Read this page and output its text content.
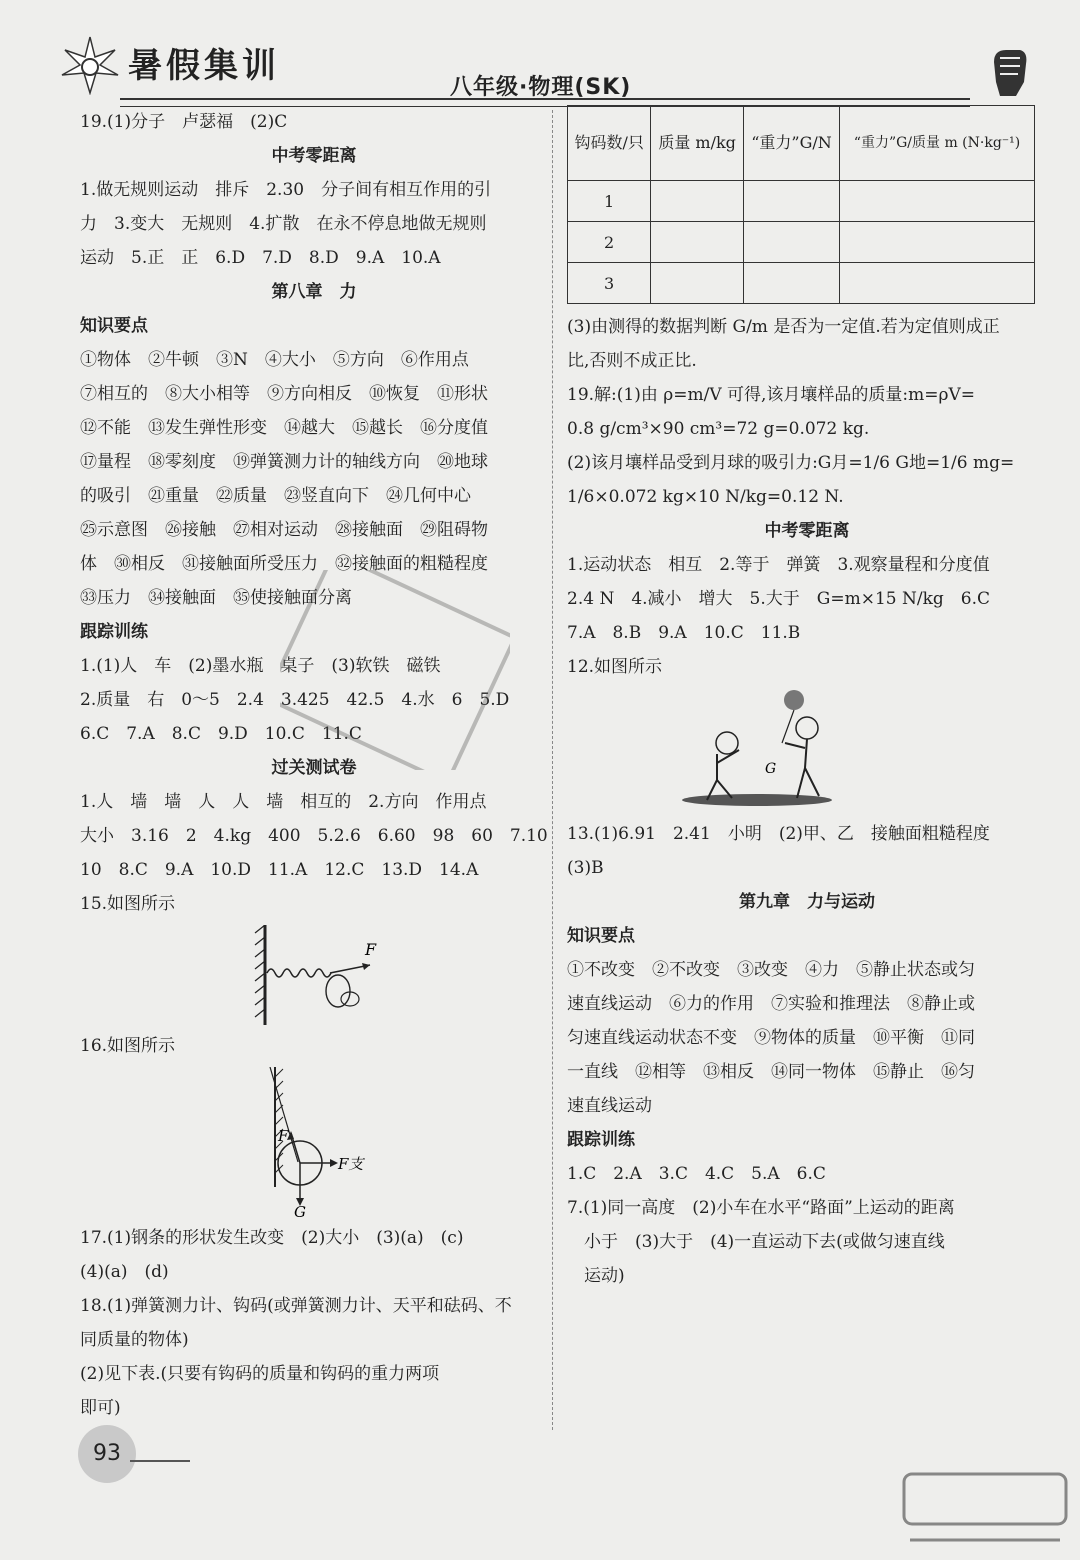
暑假集训
八年级·物理(SK)
19.(1)分子　卢瑟福　(2)C
中考零距离
1.做无规则运动　排斥　2.30　分子间有相互作用的引
力　3.变大　无规则　4.扩散　在永不停息地做无规则
运动　5.正　正　6.D　7.D　8.D　9.A　10.A
第八章　力
知识要点
①物体　②牛顿　③N　④大小　⑤方向　⑥作用点
⑦相互的　⑧大小相等　⑨方向相反　⑩恢复　⑪形状
⑫不能　⑬发生弹性形变　⑭越大　⑮越长　⑯分度值
⑰量程　⑱零刻度　⑲弹簧测力计的轴线方向　⑳地球
的吸引　㉑重量　㉒质量　㉓竖直向下　㉔几何中心
㉕示意图　㉖接触　㉗相对运动　㉘接触面　㉙阻碍物
体　㉚相反　㉛接触面所受压力　㉜接触面的粗糙程度
㉝压力　㉞接触面　㉟使接触面分离
跟踪训练
1.(1)人　车　(2)墨水瓶　桌子　(3)软铁　磁铁
2.质量　右　0～5　2.4　3.425　42.5　4.水　6　5.D
6.C　7.A　8.C　9.D　10.C　11.C
过关测试卷
1.人　墙　墙　人　人　墙　相互的　2.方向　作用点
大小　3.16　2　4.kg　400　5.2.6　6.60　98　60　7.10
10　8.C　9.A　10.D　11.A　12.C　13.D　14.A
15.如图所示
F
16.如图所示
F
F支
G
17.(1)钢条的形状发生改变　(2)大小　(3)(a)　(c)
(4)(a)　(d)
18.(1)弹簧测力计、钩码(或弹簧测力计、天平和砝码、不
同质量的物体)
(2)见下表.(只要有钩码的质量和钩码的重力两项
即可)
钩码数/只	质量 m/kg	“重力”G/N	“重力”G/质量 m (N·kg⁻¹)
1			
2			
3			
(3)由测得的数据判断 G/m 是否为一定值.若为定值则成正
比,否则不成正比.
19.解:(1)由 ρ=m/V 可得,该月壤样品的质量:m=ρV=
0.8 g/cm³×90 cm³=72 g=0.072 kg.
(2)该月壤样品受到月球的吸引力:G月=1/6 G地=1/6 mg=
1/6×0.072 kg×10 N/kg=0.12 N.
中考零距离
1.运动状态　相互　2.等于　弹簧　3.观察量程和分度值
2.4 N　4.减小　增大　5.大于　G=m×15 N/kg　6.C
7.A　8.B　9.A　10.C　11.B
12.如图所示
G
13.(1)6.91　2.41　小明　(2)甲、乙　接触面粗糙程度
(3)B
第九章　力与运动
知识要点
①不改变　②不改变　③改变　④力　⑤静止状态或匀
速直线运动　⑥力的作用　⑦实验和推理法　⑧静止或
匀速直线运动状态不变　⑨物体的质量　⑩平衡　⑪同
一直线　⑫相等　⑬相反　⑭同一物体　⑮静止　⑯匀
速直线运动
跟踪训练
1.C　2.A　3.C　4.C　5.A　6.C
7.(1)同一高度　(2)小车在水平“路面”上运动的距离
　小于　(3)大于　(4)一直运动下去(或做匀速直线
　运动)
93
